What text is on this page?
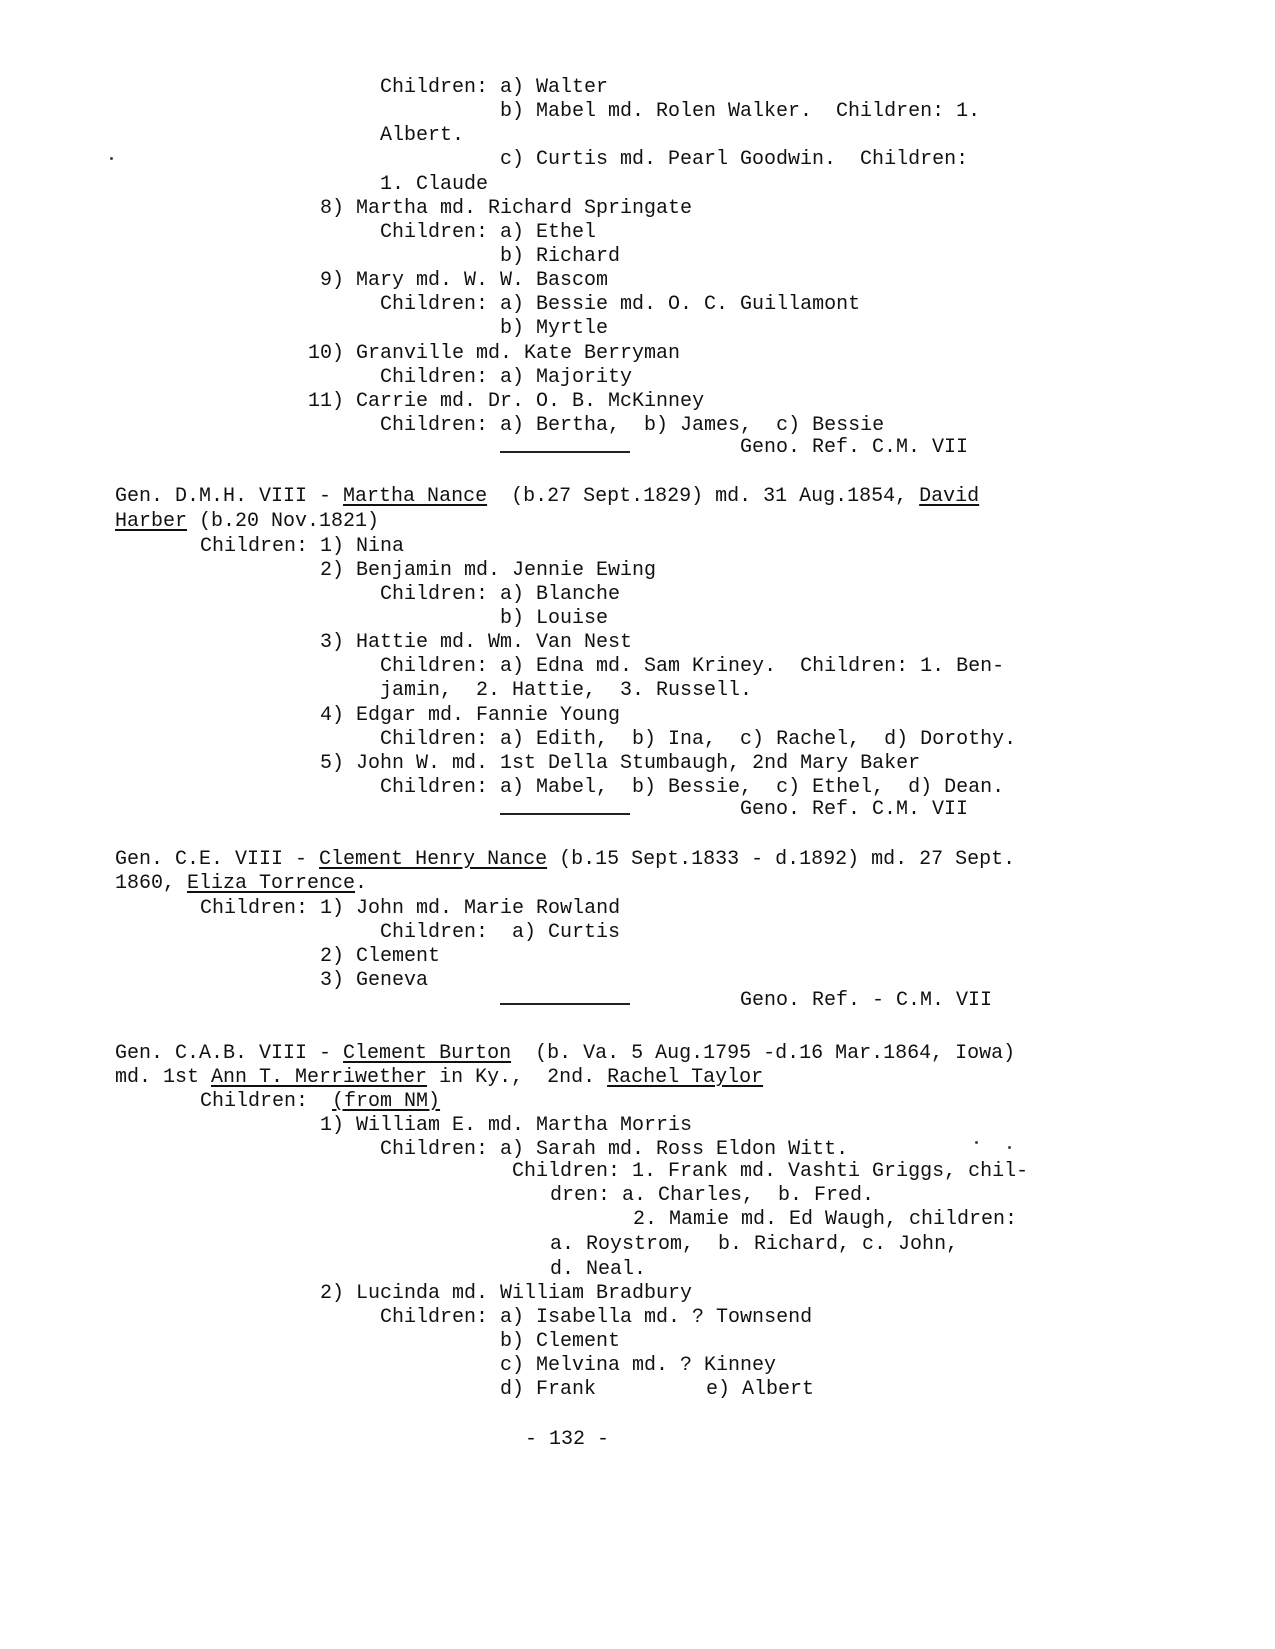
Children: a) Walter
b) Mabel md. Rolen Walker.  Children: 1.
Albert.
c) Curtis md. Pearl Goodwin.  Children:
1. Claude
8) Martha md. Richard Springate
Children: a) Ethel
b) Richard
9) Mary md. W. W. Bascom
Children: a) Bessie md. O. C. Guillamont
b) Myrtle
10) Granville md. Kate Berryman
Children: a) Majority
11) Carrie md. Dr. O. B. McKinney
Children: a) Bertha,  b) James,  c) Bessie
Geno. Ref. C.M. VII
Gen. D.M.H. VIII - Martha Nance  (b.27 Sept.1829) md. 31 Aug.1854, David
Harber (b.20 Nov.1821)
Children: 1) Nina
2) Benjamin md. Jennie Ewing
Children: a) Blanche
b) Louise
3) Hattie md. Wm. Van Nest
Children: a) Edna md. Sam Kriney.  Children: 1. Ben-
jamin,  2. Hattie,  3. Russell.
4) Edgar md. Fannie Young
Children: a) Edith,  b) Ina,  c) Rachel,  d) Dorothy.
5) John W. md. 1st Della Stumbaugh, 2nd Mary Baker
Children: a) Mabel,  b) Bessie,  c) Ethel,  d) Dean.
Geno. Ref. C.M. VII
Gen. C.E. VIII - Clement Henry Nance (b.15 Sept.1833 - d.1892) md. 27 Sept.
1860, Eliza Torrence.
Children: 1) John md. Marie Rowland
Children:  a) Curtis
2) Clement
3) Geneva
Geno. Ref. - C.M. VII
Gen. C.A.B. VIII - Clement Burton  (b. Va. 5 Aug.1795 -d.16 Mar.1864, Iowa)
md. 1st Ann T. Merriwether in Ky.,  2nd. Rachel Taylor
Children:  (from NM)
1) William E. md. Martha Morris
Children: a) Sarah md. Ross Eldon Witt.
Children: 1. Frank md. Vashti Griggs, chil-
dren: a. Charles,  b. Fred.
2. Mamie md. Ed Waugh, children:
a. Roystrom,  b. Richard, c. John,
d. Neal.
2) Lucinda md. William Bradbury
Children: a) Isabella md. ? Townsend
b) Clement
c) Melvina md. ? Kinney
d) Frank	e) Albert
- 132 -
